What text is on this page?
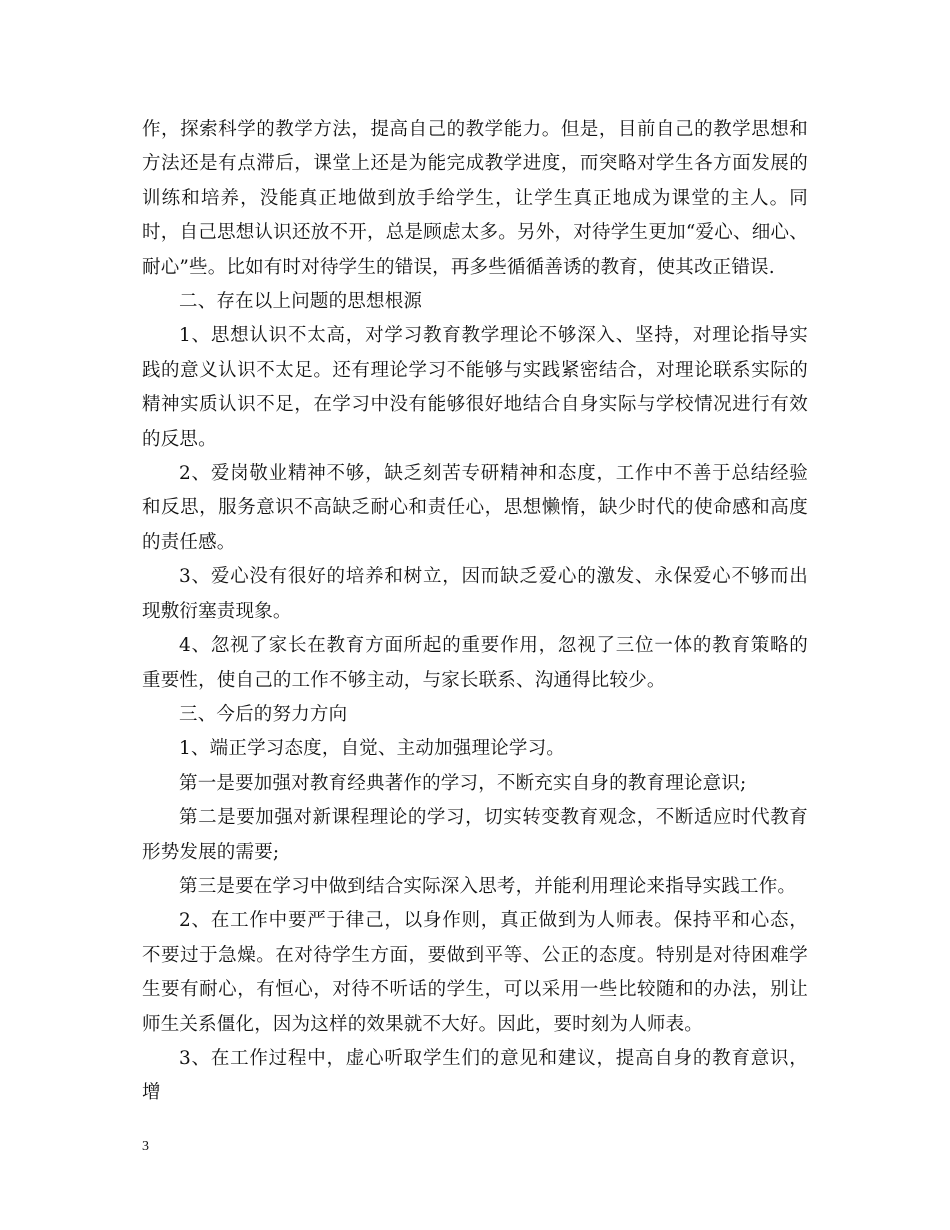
作，探索科学的教学方法，提高自己的教学能力。但是，目前自己的教学思想和方法还是有点滞后，课堂上还是为能完成教学进度，而突略对学生各方面发展的训练和培养，没能真正地做到放手给学生，让学生真正地成为课堂的主人。同时，自己思想认识还放不开，总是顾虑太多。另外，对待学生更加“爱心、细心、耐心”些。比如有时对待学生的错误，再多些循循善诱的教育，使其改正错误.

二、存在以上问题的思想根源

1、思想认识不太高，对学习教育教学理论不够深入、坚持，对理论指导实践的意义认识不太足。还有理论学习不能够与实践紧密结合，对理论联系实际的精神实质认识不足，在学习中没有能够很好地结合自身实际与学校情况进行有效的反思。

2、爱岗敬业精神不够，缺乏刻苦专研精神和态度，工作中不善于总结经验和反思，服务意识不高缺乏耐心和责任心，思想懒惰，缺少时代的使命感和高度的责任感。

3、爱心没有很好的培养和树立，因而缺乏爱心的激发、永保爱心不够而出现敷衍塞责现象。

4、忽视了家长在教育方面所起的重要作用，忽视了三位一体的教育策略的重要性，使自己的工作不够主动，与家长联系、沟通得比较少。

三、今后的努力方向

1、端正学习态度，自觉、主动加强理论学习。

第一是要加强对教育经典著作的学习，不断充实自身的教育理论意识;

第二是要加强对新课程理论的学习，切实转变教育观念，不断适应时代教育形势发展的需要;

第三是要在学习中做到结合实际深入思考，并能利用理论来指导实践工作。

2、在工作中要严于律己，以身作则，真正做到为人师表。保持平和心态，不要过于急燥。在对待学生方面，要做到平等、公正的态度。特别是对待困难学生要有耐心，有恒心，对待不听话的学生，可以采用一些比较随和的办法，别让师生关系僵化，因为这样的效果就不大好。因此，要时刻为人师表。

3、在工作过程中，虚心听取学生们的意见和建议，提高自身的教育意识，增

3
